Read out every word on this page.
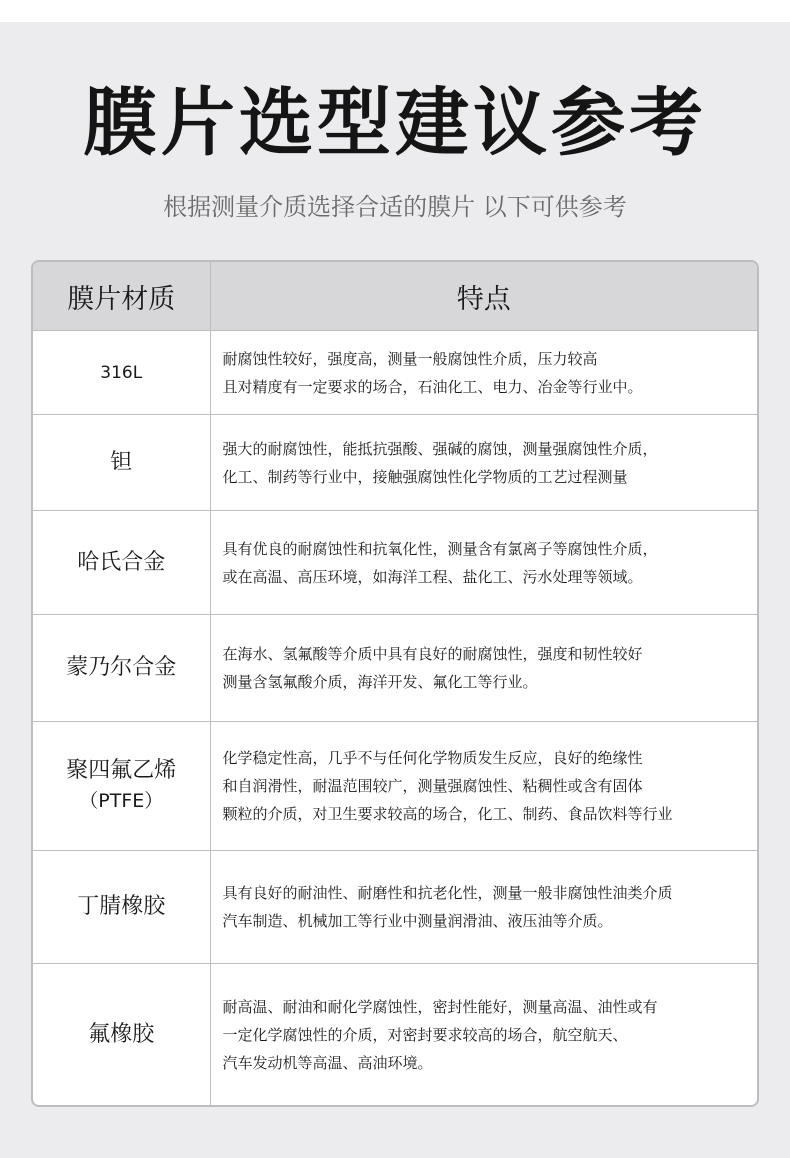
膜片选型建议参考
根据测量介质选择合适的膜片 以下可供参考
膜片材质	特点
316L	耐腐蚀性较好，强度高，测量一般腐蚀性介质，压力较高
且对精度有一定要求的场合，石油化工、电力、冶金等行业中。

钽	强大的耐腐蚀性，能抵抗强酸、强碱的腐蚀，测量强腐蚀性介质，
化工、制药等行业中，接触强腐蚀性化学物质的工艺过程测量

哈氏合金	具有优良的耐腐蚀性和抗氧化性，测量含有氯离子等腐蚀性介质，
或在高温、高压环境，如海洋工程、盐化工、污水处理等领域。

蒙乃尔合金	在海水、氢氟酸等介质中具有良好的耐腐蚀性，强度和韧性较好
测量含氢氟酸介质，海洋开发、氟化工等行业。

聚四氟乙烯
（PTFE）	化学稳定性高，几乎不与任何化学物质发生反应，良好的绝缘性
和自润滑性，耐温范围较广，测量强腐蚀性、粘稠性或含有固体
颗粒的介质，对卫生要求较高的场合，化工、制药、食品饮料等行业

丁腈橡胶	具有良好的耐油性、耐磨性和抗老化性，测量一般非腐蚀性油类介质
汽车制造、机械加工等行业中测量润滑油、液压油等介质。

氟橡胶	耐高温、耐油和耐化学腐蚀性，密封性能好，测量高温、油性或有
一定化学腐蚀性的介质，对密封要求较高的场合，航空航天、
汽车发动机等高温、高油环境。
